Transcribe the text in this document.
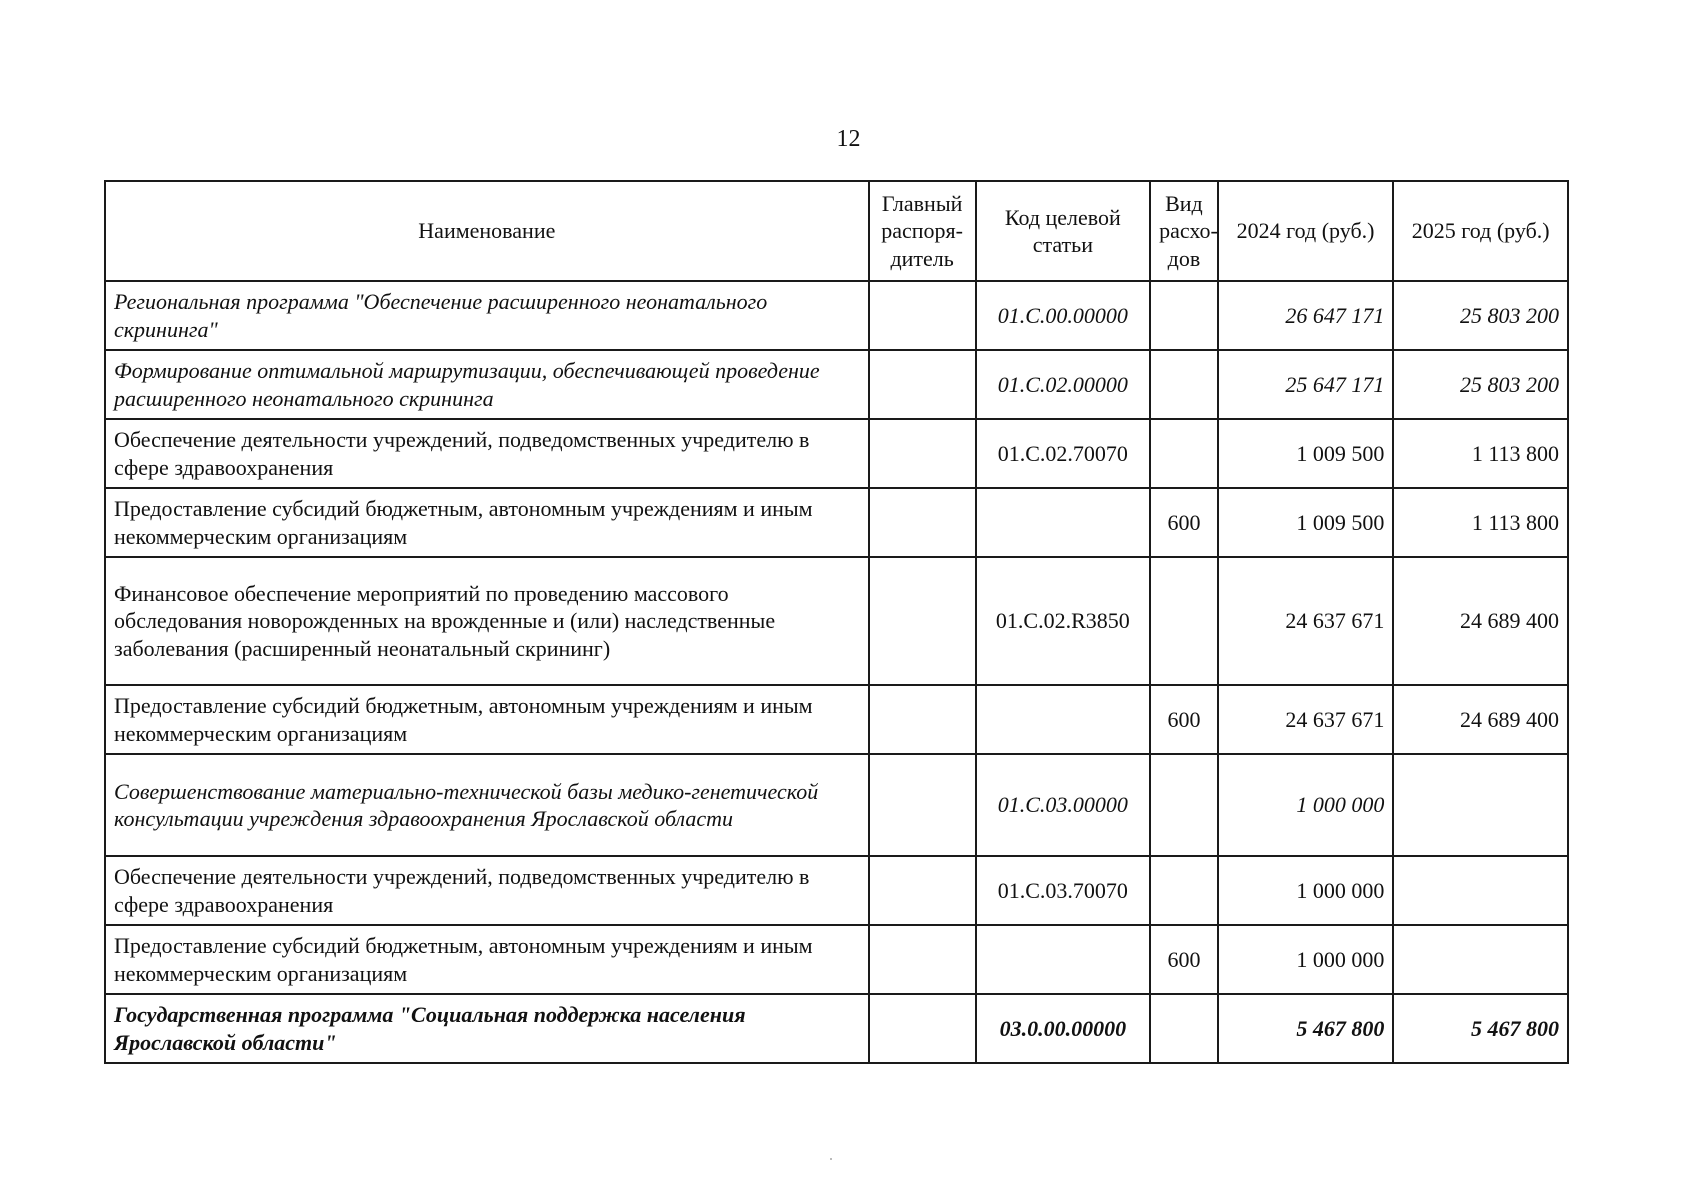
12
Наименование	Главный распоря-дитель	Код целевой статьи	Вид расхо-дов	2024 год (руб.)	2025 год (руб.)
Региональная программа "Обеспечение расширенного неонатального скрининга"		01.С.00.00000		26 647 171	25 803 200
Формирование оптимальной маршрутизации, обеспечивающей проведение расширенного неонатального скрининга		01.С.02.00000		25 647 171	25 803 200
Обеспечение деятельности учреждений, подведомственных учредителю в сфере здравоохранения		01.С.02.70070		1 009 500	1 113 800
Предоставление субсидий бюджетным, автономным учреждениям и иным некоммерческим организациям			600	1 009 500	1 113 800
Финансовое обеспечение мероприятий по проведению массового обследования новорожденных на врожденные и (или) наследственные заболевания (расширенный неонатальный скрининг)		01.С.02.R3850		24 637 671	24 689 400
Предоставление субсидий бюджетным, автономным учреждениям и иным некоммерческим организациям			600	24 637 671	24 689 400
Совершенствование материально-технической базы медико-генетической консультации учреждения здравоохранения Ярославской области		01.С.03.00000		1 000 000	
Обеспечение деятельности учреждений, подведомственных учредителю в сфере здравоохранения		01.С.03.70070		1 000 000	
Предоставление субсидий бюджетным, автономным учреждениям и иным некоммерческим организациям			600	1 000 000	
Государственная программа "Социальная поддержка населения Ярославской области"		03.0.00.00000		5 467 800	5 467 800
